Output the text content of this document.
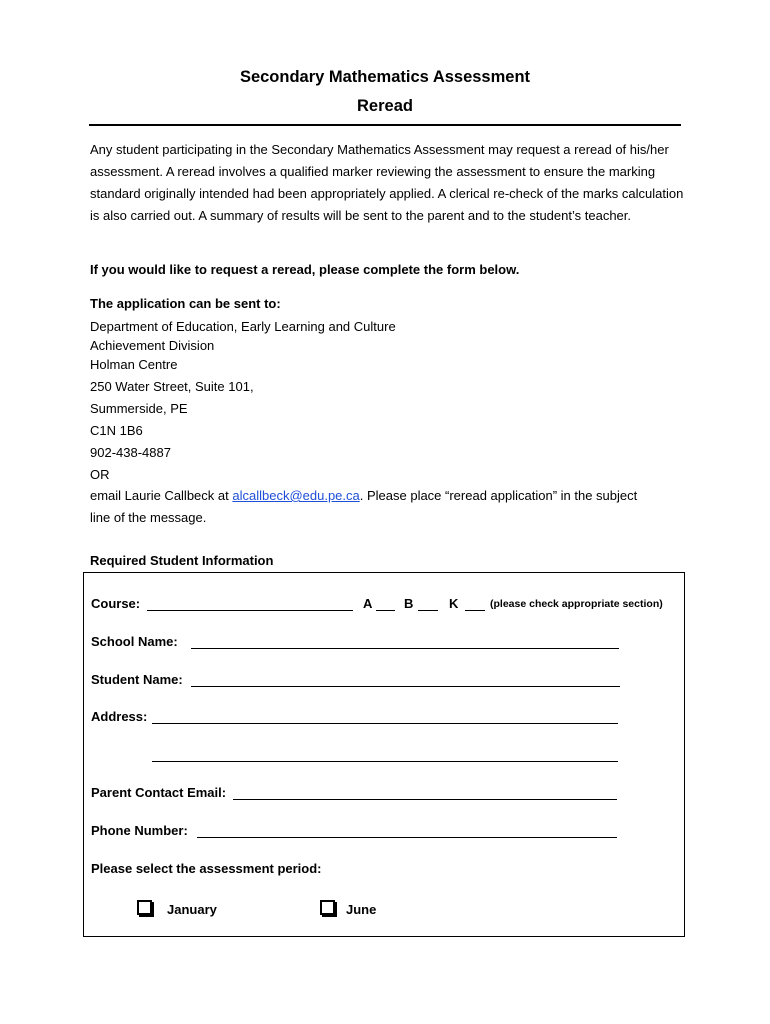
Secondary Mathematics Assessment
Reread
Any student participating in the Secondary Mathematics Assessment may request a reread of his/her assessment. A reread involves a qualified marker reviewing the assessment to ensure the marking standard originally intended had been appropriately applied. A clerical re-check of the marks calculation is also carried out. A summary of results will be sent to the parent and to the student’s teacher.
If you would like to request a reread, please complete the form below.
The application can be sent to:
Department of Education, Early Learning and Culture
Achievement Division
Holman Centre
250 Water Street, Suite 101,
Summerside, PE
C1N 1B6
902-438-4887
OR
email Laurie Callbeck at alcallbeck@edu.pe.ca. Please place “reread application” in the subject
line of the message.
Required Student Information
Course:	A B	K	(please check appropriate section)
School Name:
Student Name:
Address:
Parent Contact Email:
Phone Number:
Please select the assessment period:
January	June
